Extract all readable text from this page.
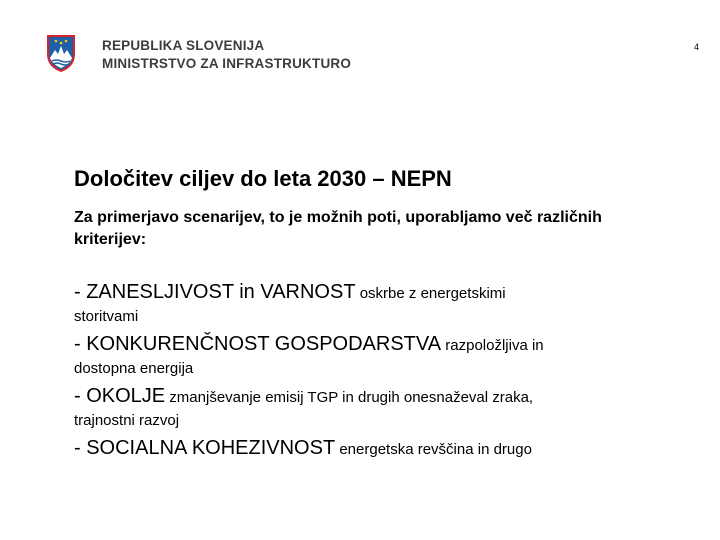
REPUBLIKA SLOVENIJA
MINISTRSTVO ZA INFRASTRUKTURO
4
Določitev ciljev do leta 2030 – NEPN
Za primerjavo scenarijev, to je možnih poti, uporabljamo več različnih kriterijev:
- ZANESLJIVOST in VARNOST oskrbe z energetskimi
storitvami
- KONKURENČNOST GOSPODARSTVA razpoložljiva in
dostopna energija
- OKOLJE zmanjševanje emisij TGP in drugih onesnaževal zraka,
trajnostni razvoj
- SOCIALNA KOHEZIVNOST energetska revščina in drugo
